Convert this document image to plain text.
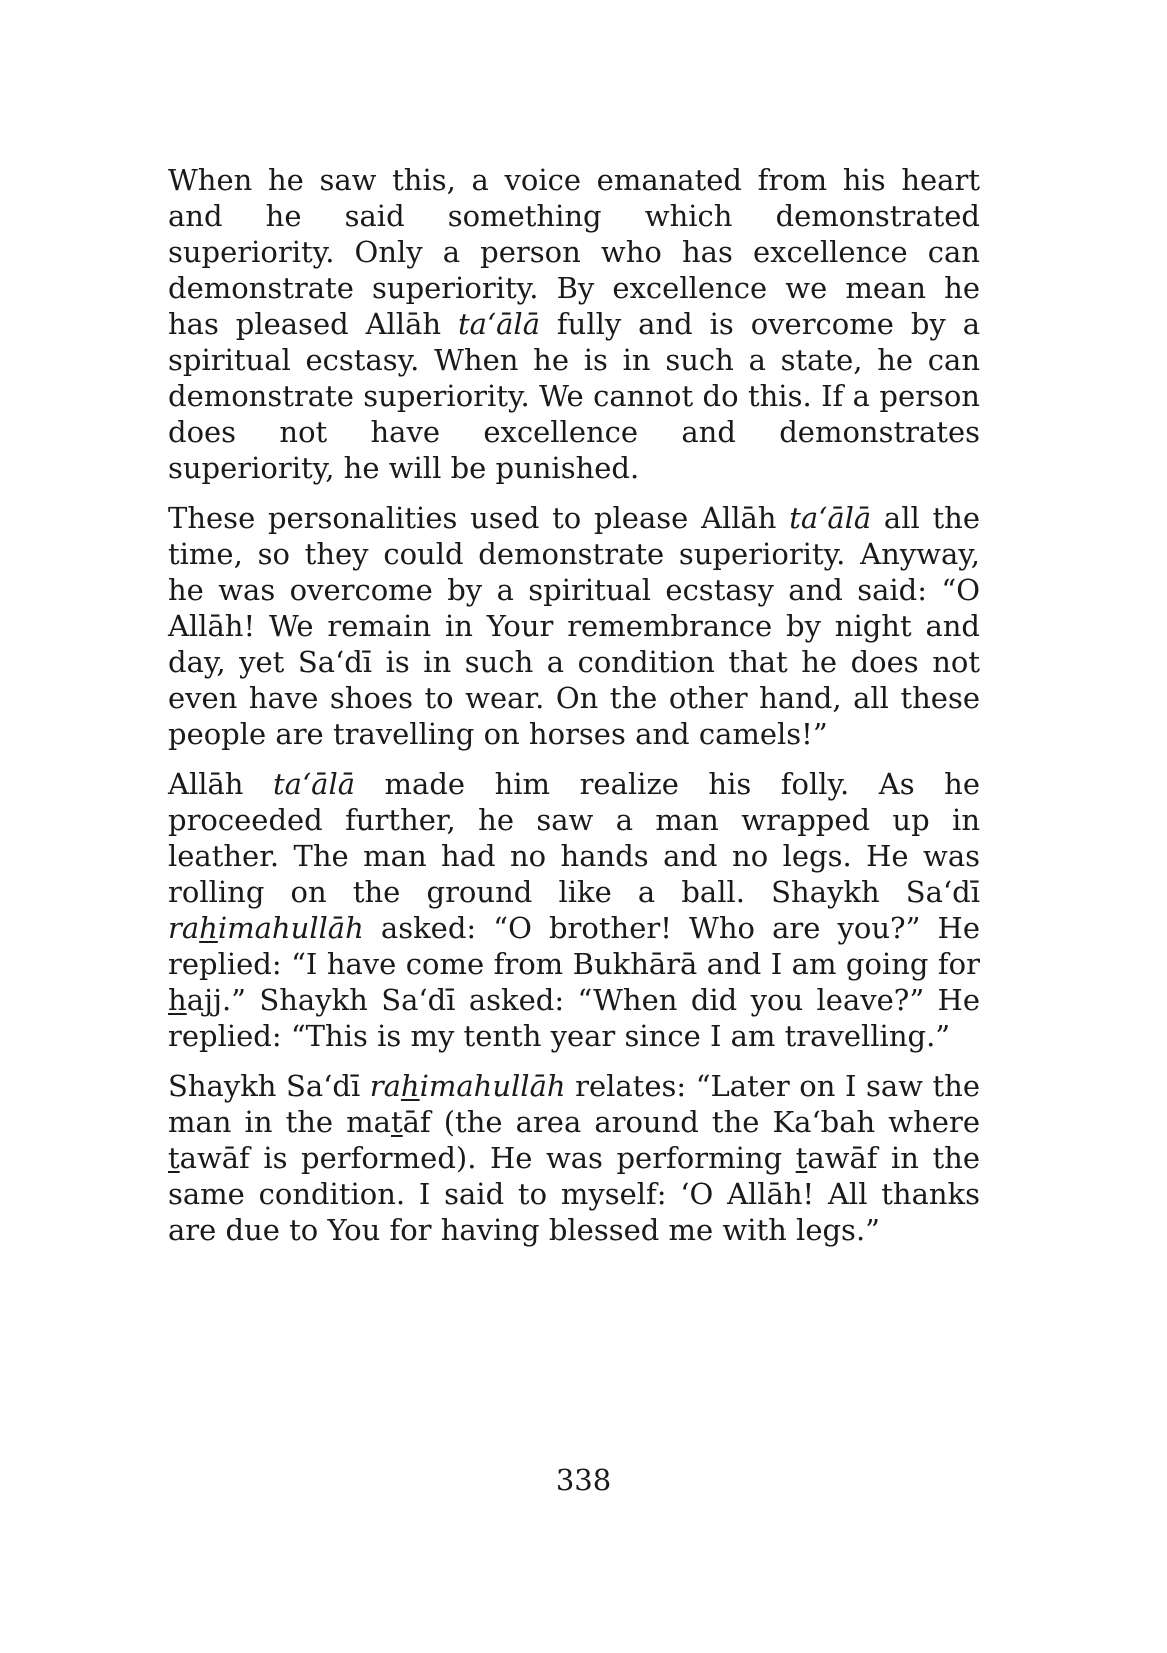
When he saw this, a voice emanated from his heart and he said something which demonstrated superiority. Only a person who has excellence can demonstrate superiority. By excellence we mean he has pleased Allāh ta‘ālā fully and is overcome by a spiritual ecstasy. When he is in such a state, he can demonstrate superiority. We cannot do this. If a person does not have excellence and demonstrates superiority, he will be punished.

These personalities used to please Allāh ta‘ālā all the time, so they could demonstrate superiority. Anyway, he was overcome by a spiritual ecstasy and said: “O Allāh! We remain in Your remembrance by night and day, yet Sa‘dī is in such a condition that he does not even have shoes to wear. On the other hand, all these people are travelling on horses and camels!”

Allāh ta‘ālā made him realize his folly. As he proceeded further, he saw a man wrapped up in leather. The man had no hands and no legs. He was rolling on the ground like a ball. Shaykh Sa‘dī rahimahullāh asked: “O brother! Who are you?” He replied: “I have come from Bukhārā and I am going for hajj.” Shaykh Sa‘dī asked: “When did you leave?” He replied: “This is my tenth year since I am travelling.”

Shaykh Sa‘dī rahimahullāh relates: “Later on I saw the man in the matāf (the area around the Ka‘bah where tawāf is performed). He was performing tawāf in the same condition. I said to myself: ‘O Allāh! All thanks are due to You for having blessed me with legs.”

338
